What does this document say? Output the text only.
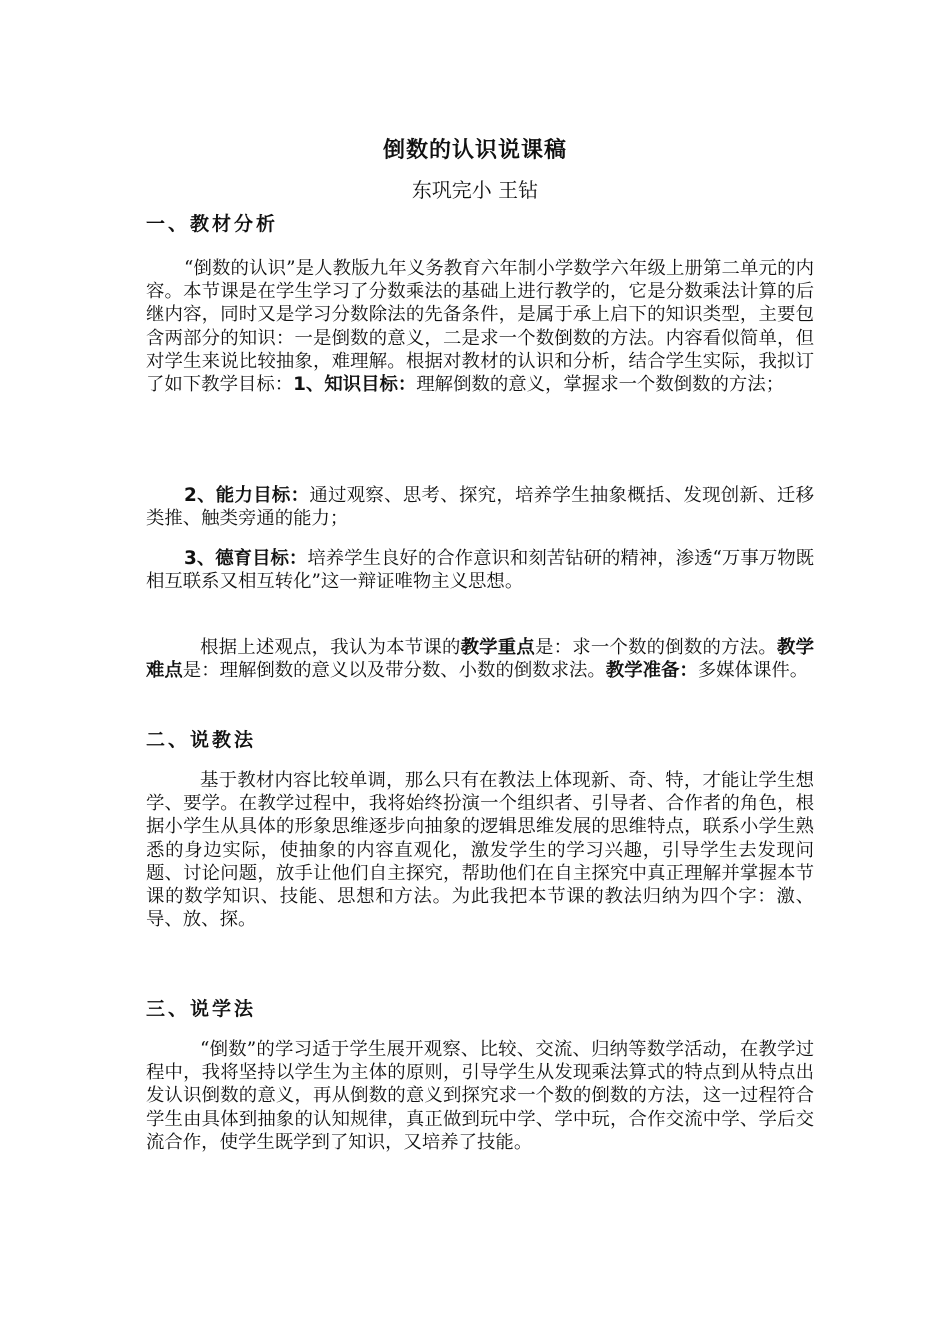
倒数的认识说课稿
东巩完小 王钻
一、教材分析

“倒数的认识”是人教版九年义务教育六年制小学数学六年级上册第二单元的内容。本节课是在学生学习了分数乘法的基础上进行教学的，它是分数乘法计算的后继内容，同时又是学习分数除法的先备条件，是属于承上启下的知识类型，主要包含两部分的知识：一是倒数的意义，二是求一个数倒数的方法。内容看似简单，但对学生来说比较抽象，难理解。根据对教材的认识和分析，结合学生实际，我拟订了如下教学目标：1、知识目标：理解倒数的意义，掌握求一个数倒数的方法；

2、能力目标：通过观察、思考、探究，培养学生抽象概括、发现创新、迁移类推、触类旁通的能力；

3、德育目标：培养学生良好的合作意识和刻苦钻研的精神，渗透“万事万物既相互联系又相互转化”这一辩证唯物主义思想。

根据上述观点，我认为本节课的教学重点是：求一个数的倒数的方法。教学难点是：理解倒数的意义以及带分数、小数的倒数求法。教学准备：多媒体课件。

二、说教法

基于教材内容比较单调，那么只有在教法上体现新、奇、特，才能让学生想学、要学。在教学过程中，我将始终扮演一个组织者、引导者、合作者的角色，根据小学生从具体的形象思维逐步向抽象的逻辑思维发展的思维特点，联系小学生熟悉的身边实际，使抽象的内容直观化，激发学生的学习兴趣，引导学生去发现问题、讨论问题，放手让他们自主探究，帮助他们在自主探究中真正理解并掌握本节课的数学知识、技能、思想和方法。为此我把本节课的教法归纳为四个字：激、导、放、探。

三、说学法

“倒数”的学习适于学生展开观察、比较、交流、归纳等数学活动，在教学过程中，我将坚持以学生为主体的原则，引导学生从发现乘法算式的特点到从特点出发认识倒数的意义，再从倒数的意义到探究求一个数的倒数的方法，这一过程符合学生由具体到抽象的认知规律，真正做到玩中学、学中玩，合作交流中学、学后交流合作，使学生既学到了知识，又培养了技能。
